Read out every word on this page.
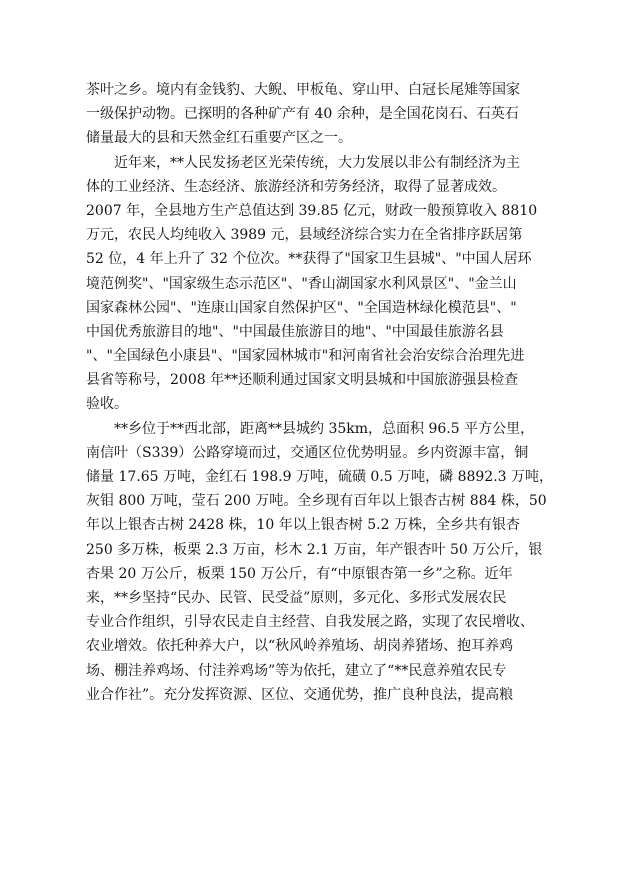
茶叶之乡。境内有金钱豹、大鲵、甲板龟、穿山甲、白冠长尾雉等国家
一级保护动物。已探明的各种矿产有 40 余种，是全国花岗石、石英石
储量最大的县和天然金红石重要产区之一。
近年来，**人民发扬老区光荣传统，大力发展以非公有制经济为主
体的工业经济、生态经济、旅游经济和劳务经济，取得了显著成效。
2007 年，全县地方生产总值达到 39.85 亿元，财政一般预算收入 8810
万元，农民人均纯收入 3989 元，县域经济综合实力在全省排序跃居第
52 位，4 年上升了 32 个位次。**获得了"国家卫生县城"、"中国人居环
境范例奖"、"国家级生态示范区"、"香山湖国家水利风景区"、"金兰山
国家森林公园"、"连康山国家自然保护区"、"全国造林绿化模范县"、"
中国优秀旅游目的地"、"中国最佳旅游目的地"、"中国最佳旅游名县
"、"全国绿色小康县"、"国家园林城市"和河南省社会治安综合治理先进
县省等称号，2008 年**还顺利通过国家文明县城和中国旅游强县检查
验收。
**乡位于**西北部，距离**县城约 35km，总面积 96.5 平方公里，
南信叶（S339）公路穿境而过，交通区位优势明显。乡内资源丰富，铜
储量 17.65 万吨，金红石 198.9 万吨，硫磺 0.5 万吨，磷 8892.3 万吨，
灰钼 800 万吨，莹石 200 万吨。全乡现有百年以上银杏古树 884 株，50
年以上银杏古树 2428 株，10 年以上银杏树 5.2 万株，全乡共有银杏
250 多万株，板栗 2.3 万亩，杉木 2.1 万亩，年产银杏叶 50 万公斤，银
杏果 20 万公斤，板栗 150 万公斤，有“中原银杏第一乡”之称。近年
来，**乡坚持“民办、民管、民受益”原则，多元化、多形式发展农民
专业合作组织，引导农民走自主经营、自我发展之路，实现了农民增收、
农业增效。依托种养大户，以“秋风岭养殖场、胡岗养猪场、抱耳养鸡
场、棚洼养鸡场、付洼养鸡场”等为依托，建立了“**民意养殖农民专
业合作社”。充分发挥资源、区位、交通优势，推广良种良法，提高粮
